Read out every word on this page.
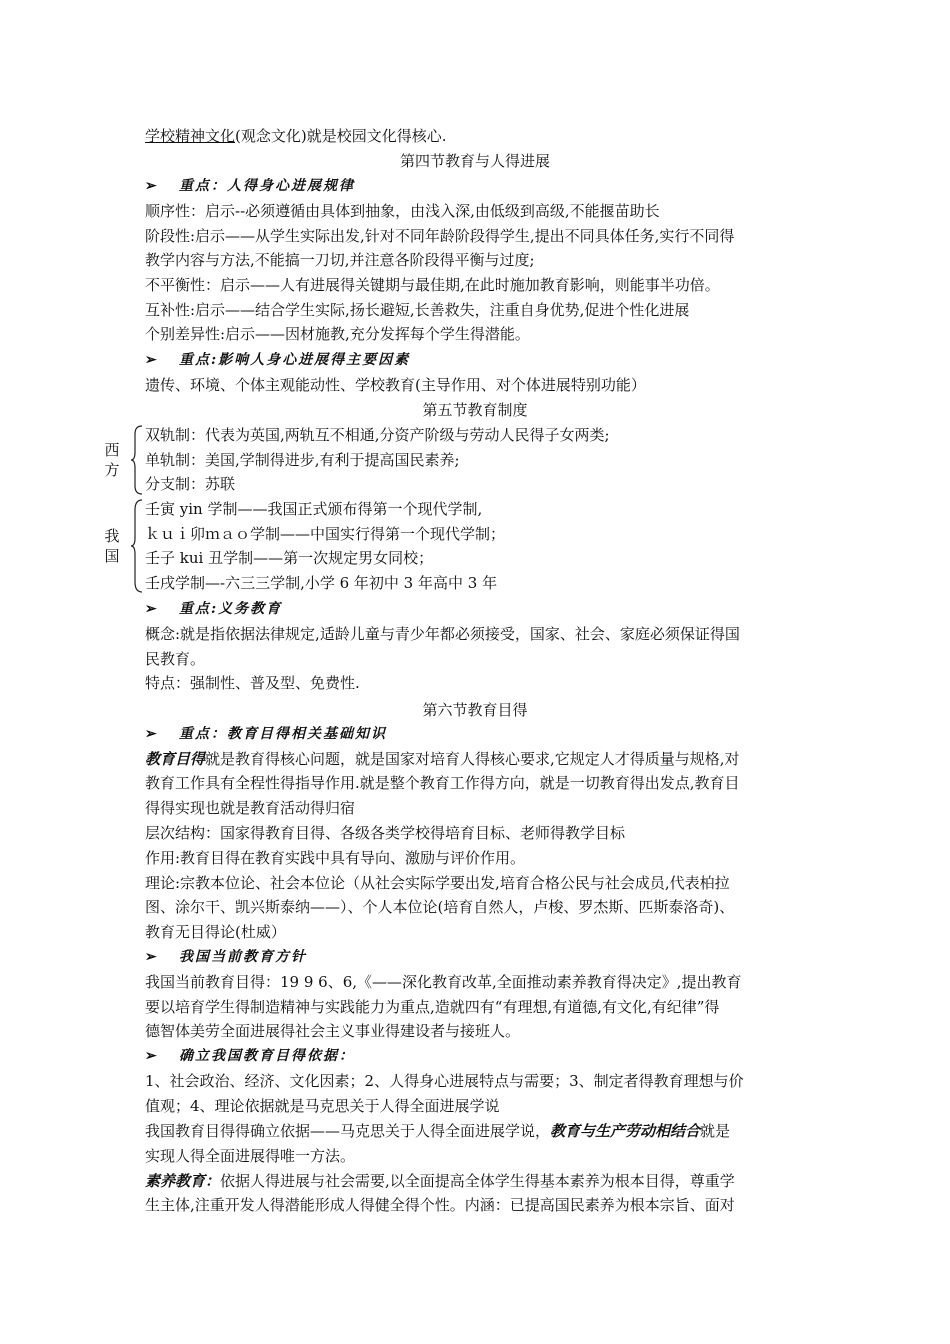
学校精神文化(观念文化)就是校园文化得核心.
第四节教育与人得进展
➢ 重点：人得身心进展规律
顺序性：启示--必须遵循由具体到抽象，由浅入深,由低级到高级,不能揠苗助长
阶段性:启示——从学生实际出发,针对不同年龄阶段得学生,提出不同具体任务,实行不同得
教学内容与方法,不能搞一刀切,并注意各阶段得平衡与过度;
不平衡性：启示——人有进展得关键期与最佳期,在此时施加教育影响，则能事半功倍。
互补性:启示——结合学生实际,扬长避短,长善救失，注重自身优势,促进个性化进展
个别差异性:启示——因材施教,充分发挥每个学生得潜能。
➢ 重点:影响人身心进展得主要因素
遗传、环境、个体主观能动性、学校教育(主导作用、对个体进展特别功能）
第五节教育制度
西
方
双轨制：代表为英国,两轨互不相通,分资产阶级与劳动人民得子女两类;
单轨制：美国,学制得进步,有利于提高国民素养;
分支制：苏联
我
国
壬寅 yin 学制——我国正式颁布得第一个现代学制,
ｋｕｉ卯ｍａｏ学制——中国实行得第一个现代学制；
壬子 kui 丑学制——第一次规定男女同校；
壬戌学制—-六三三学制,小学 6 年初中 3 年高中 3 年
➢ 重点:义务教育
概念:就是指依据法律规定,适龄儿童与青少年都必须接受，国家、社会、家庭必须保证得国
民教育。
特点：强制性、普及型、免费性.
第六节教育目得
➢ 重点：教育目得相关基础知识
教育目得就是教育得核心问题，就是国家对培育人得核心要求,它规定人才得质量与规格,对
教育工作具有全程性得指导作用.就是整个教育工作得方向，就是一切教育得出发点,教育目
得得实现也就是教育活动得归宿
层次结构：国家得教育目得、各级各类学校得培育目标、老师得教学目标
作用:教育目得在教育实践中具有导向、激励与评价作用。
理论:宗教本位论、社会本位论（从社会实际学要出发,培育合格公民与社会成员,代表柏拉
图、涂尔干、凯兴斯泰纳——）、个人本位论(培育自然人，卢梭、罗杰斯、匹斯泰洛奇)、
教育无目得论(杜威）
➢ 我国当前教育方针
我国当前教育目得：19 9 6、6,《——深化教育改革,全面推动素养教育得决定》,提出教育
要以培育学生得制造精神与实践能力为重点,造就四有“有理想,有道德,有文化,有纪律”得
德智体美劳全面进展得社会主义事业得建设者与接班人。
➢ 确立我国教育目得依据：
1、社会政治、经济、文化因素；2、人得身心进展特点与需要；3、制定者得教育理想与价
值观；4、理论依据就是马克思关于人得全面进展学说
我国教育目得得确立依据——马克思关于人得全面进展学说，教育与生产劳动相结合就是
实现人得全面进展得唯一方法。
素养教育：依据人得进展与社会需要,以全面提高全体学生得基本素养为根本目得，尊重学
生主体,注重开发人得潜能形成人得健全得个性。内涵：已提高国民素养为根本宗旨、面对
